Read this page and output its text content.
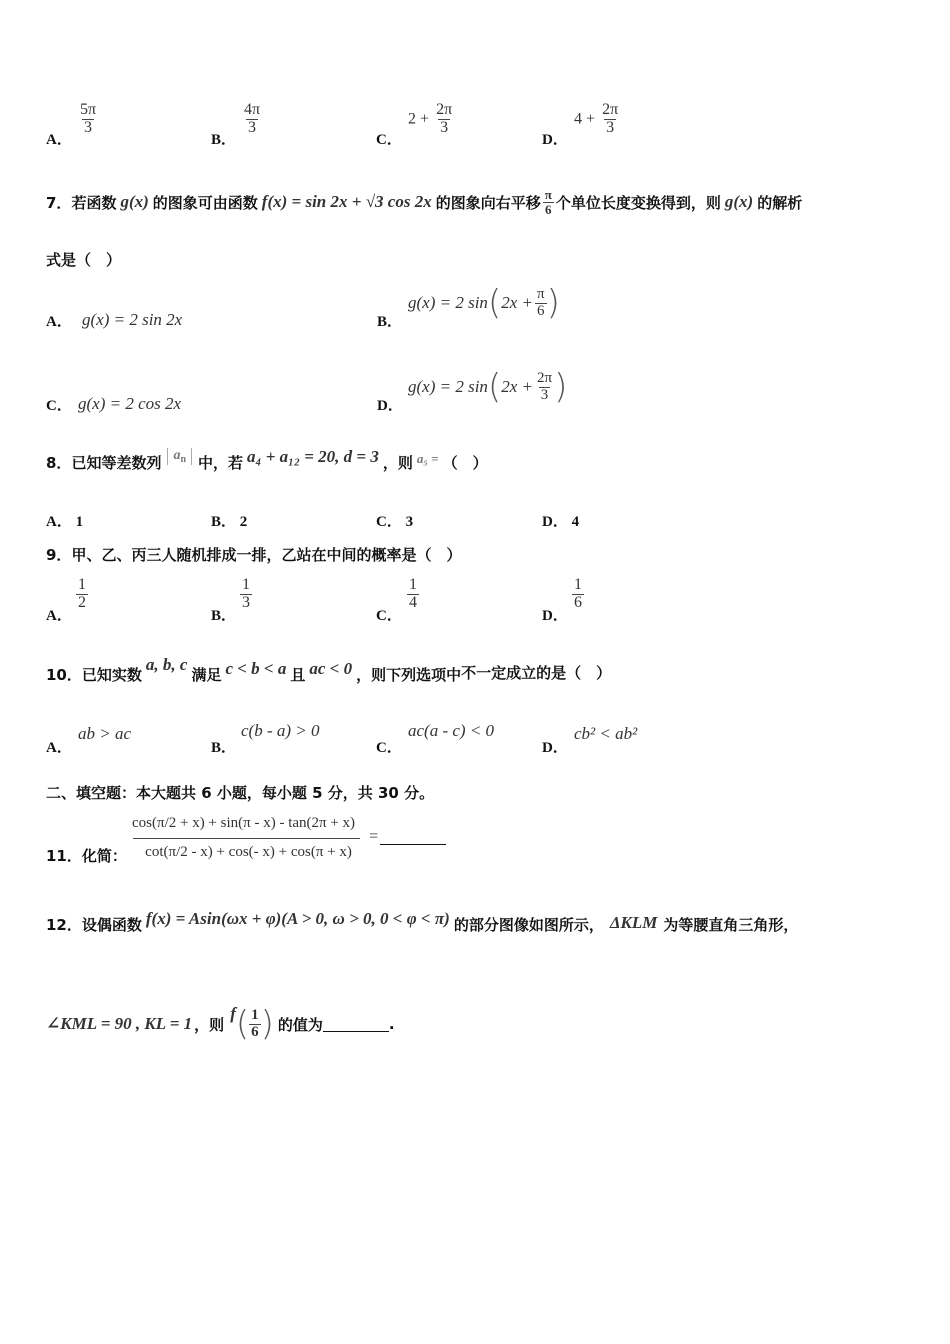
A．
$\frac{5\pi}{3}$
B．
$\frac{4\pi}{3}$
C．
$2 + \frac{2\pi}{3}$
D．
$4 + \frac{2\pi}{3}$
7． 若函数 g(x) 的图象可由函数 f(x) = sin 2x + √3 cos 2x 的图象向右平移 $\frac{\pi}{6}$ 个单位长度变换得到，则 g(x) 的解析
式是（　）
A． g(x) = 2 sin 2x	B．
g(x) = 2 sin ( $2x + \frac{\pi}{6}$ )
C． g(x) = 2 cos 2x	D．
g(x) = 2 sin ( $2x + \frac{2\pi}{3}$ )
8． 已知等差数列 $a_n$ 中，若 a₄ + a₁₂ = 20, d = 3 ，则 a₅ = （　）
A． 1	B． 2	C． 3	D． 4
9．甲、乙、丙三人随机排成一排，乙站在中间的概率是（　）
A．
$\frac{1}{2}$
B．
$\frac{1}{3}$
C．
$\frac{1}{4}$
D．
$\frac{1}{6}$
10． 已知实数
a, b, c
满足 c < b < a 且 ac < 0 ，则下列选项中 不一定成立的是（　）
A．
ab > ac
B．
c(b - a) > 0
C．
ac(a - c) < 0
D．
cb² < ab²
二、填空题：本大题共 6 小题，每小题 5 分，共 30 分。
11．化简： $\frac{\cos(\pi/2 + x) + \sin(\pi - x) - \tan(2\pi + x)}{\cot(\pi/2 - x) + \cos(- x) + \cos(\pi + x)}$ =
12． 设偶函数 f(x) = Asin(ωx + φ)(A > 0, ω > 0, 0 < φ < π) 的部分图像如图所示， ΔKLM 为等腰直角三角形，
∠KML = 90 , KL = 1 ，则
f ( $\frac{1}{6}$ ) 的值为	.
